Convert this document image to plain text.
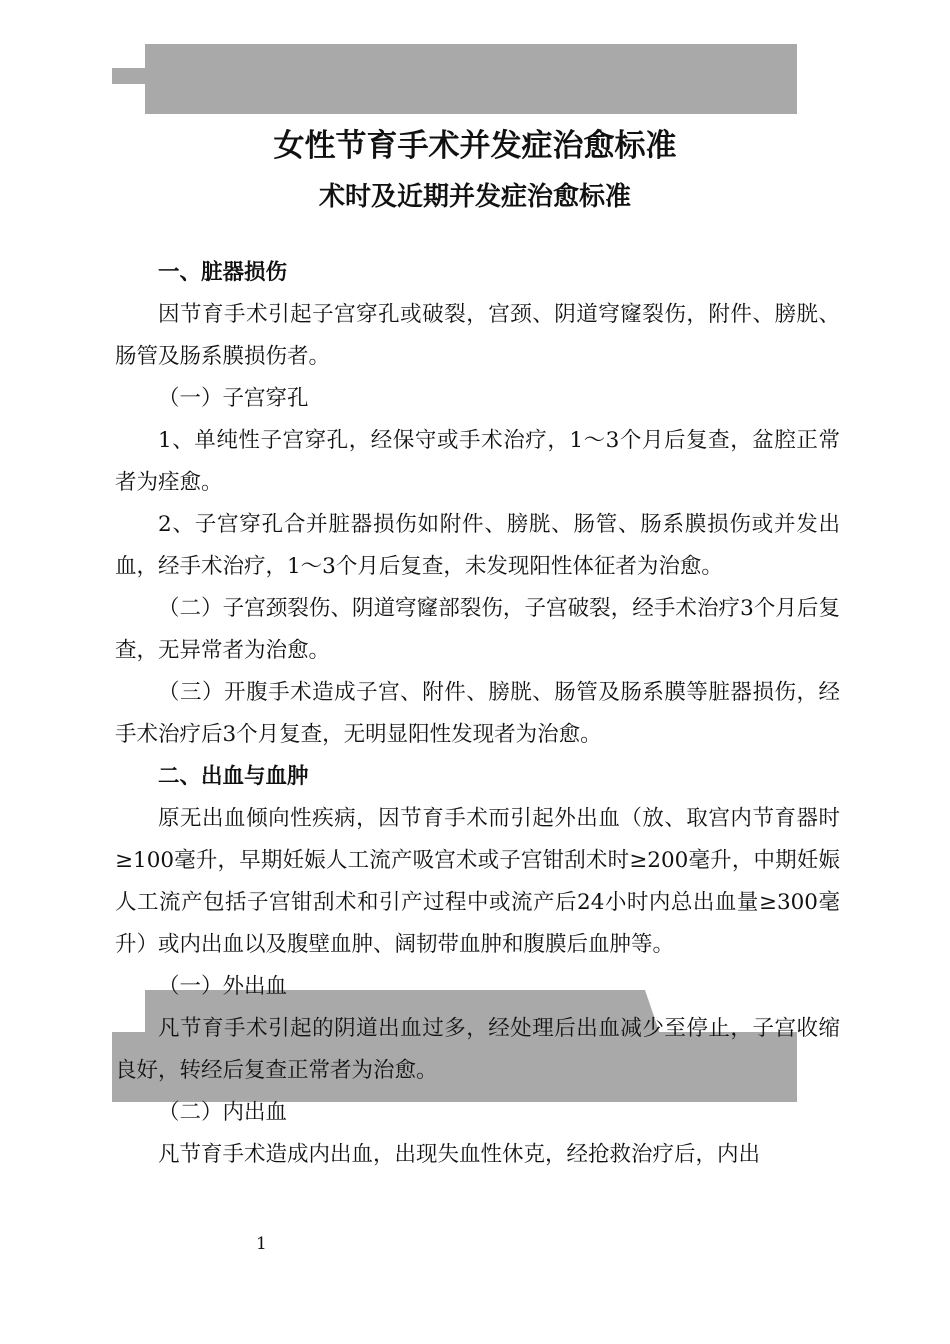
女性节育手术并发症治愈标准
术时及近期并发症治愈标准

一、脏器损伤

因节育手术引起子宫穿孔或破裂，宫颈、阴道穹窿裂伤，附件、膀胱、肠管及肠系膜损伤者。

（一）子宫穿孔

1、单纯性子宫穿孔，经保守或手术治疗，1～3个月后复查，盆腔正常者为痊愈。

2、子宫穿孔合并脏器损伤如附件、膀胱、肠管、肠系膜损伤或并发出血，经手术治疗，1～3个月后复查，未发现阳性体征者为治愈。

（二）子宫颈裂伤、阴道穹窿部裂伤，子宫破裂，经手术治疗3个月后复查，无异常者为治愈。

（三）开腹手术造成子宫、附件、膀胱、肠管及肠系膜等脏器损伤，经手术治疗后3个月复查，无明显阳性发现者为治愈。

二、出血与血肿

原无出血倾向性疾病，因节育手术而引起外出血（放、取宫内节育器时≥100毫升，早期妊娠人工流产吸宫术或子宫钳刮术时≥200毫升，中期妊娠人工流产包括子宫钳刮术和引产过程中或流产后24小时内总出血量≥300毫升）或内出血以及腹壁血肿、阔韧带血肿和腹膜后血肿等。

（一）外出血

凡节育手术引起的阴道出血过多，经处理后出血减少至停止，子宫收缩良好，转经后复查正常者为治愈。

（二）内出血

凡节育手术造成内出血，出现失血性休克，经抢救治疗后，内出

1
